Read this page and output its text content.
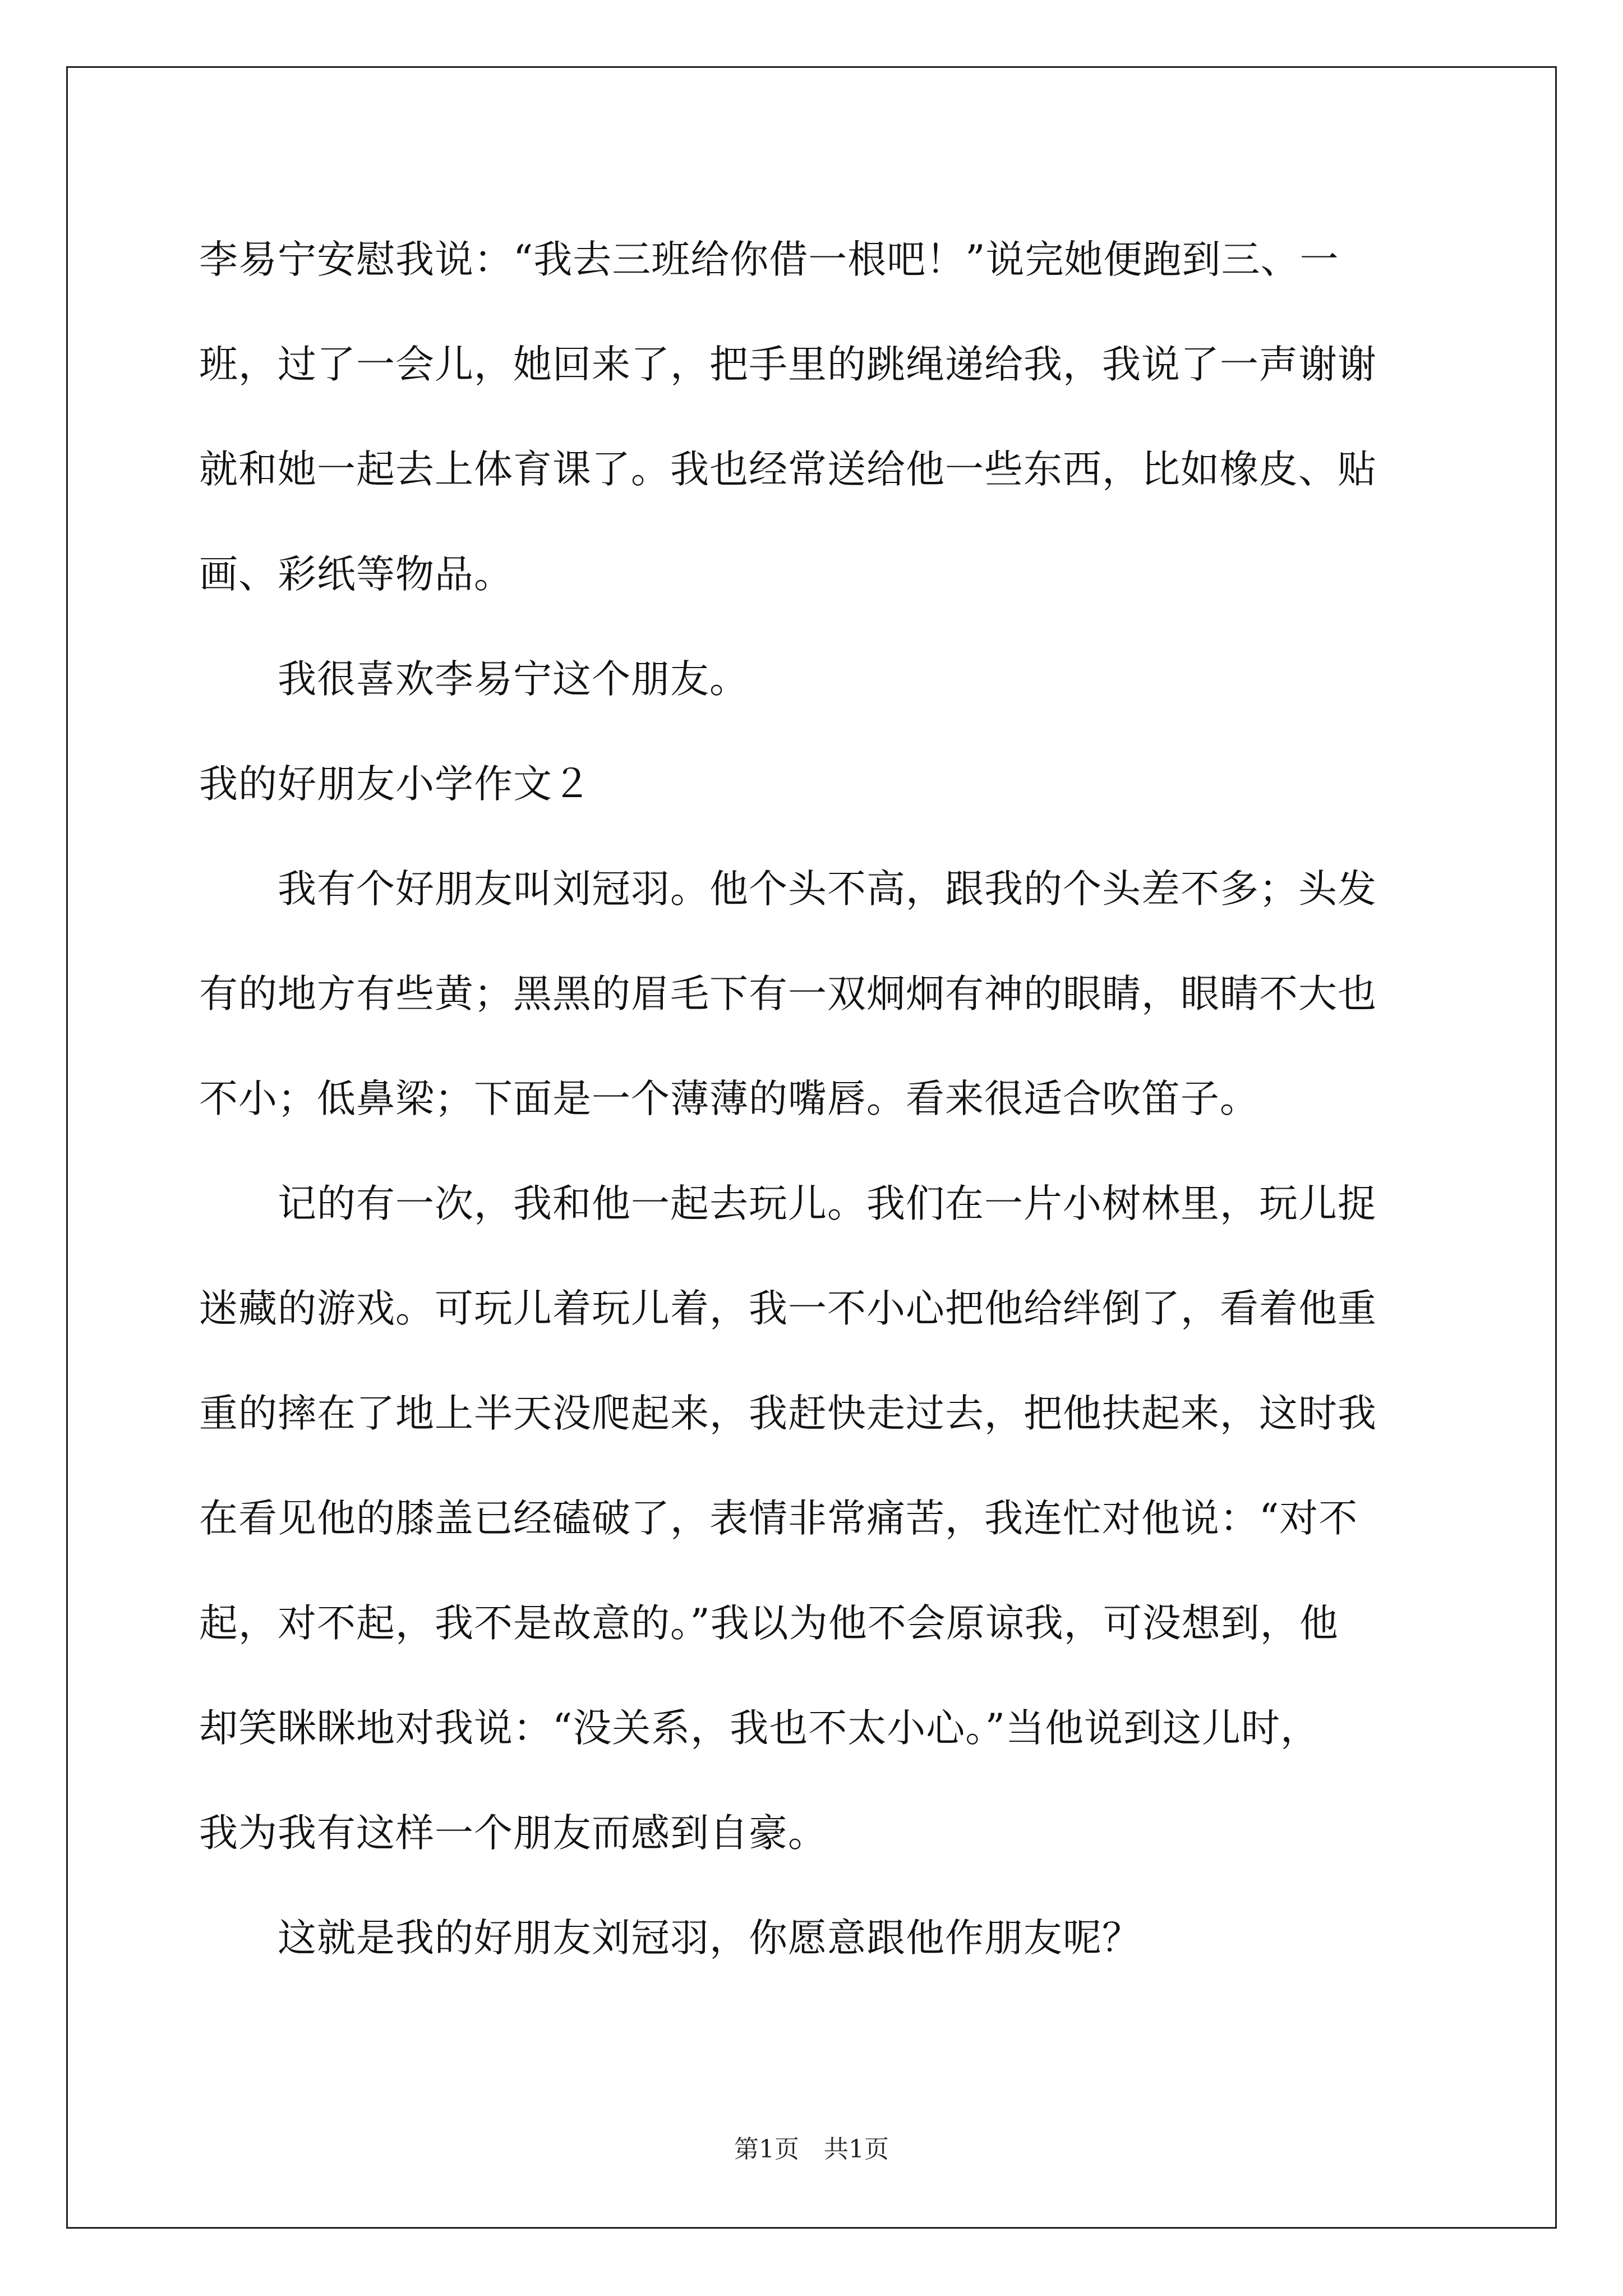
李易宁安慰我说：“我去三班给你借一根吧！”说完她便跑到三、一
班，过了一会儿，她回来了，把手里的跳绳递给我，我说了一声谢谢
就和她一起去上体育课了。我也经常送给他一些东西，比如橡皮、贴
画、彩纸等物品。
　　我很喜欢李易宁这个朋友。
我的好朋友小学作文２
　　我有个好朋友叫刘冠羽。他个头不高，跟我的个头差不多；头发
有的地方有些黄；黑黑的眉毛下有一双炯炯有神的眼睛，眼睛不大也
不小；低鼻梁；下面是一个薄薄的嘴唇。看来很适合吹笛子。
　　记的有一次，我和他一起去玩儿。我们在一片小树林里，玩儿捉
迷藏的游戏。可玩儿着玩儿着，我一不小心把他给绊倒了，看着他重
重的摔在了地上半天没爬起来，我赶快走过去，把他扶起来，这时我
在看见他的膝盖已经磕破了，表情非常痛苦，我连忙对他说：“对不
起，对不起，我不是故意的。”我以为他不会原谅我，可没想到，他
却笑眯眯地对我说：“没关系，我也不太小心。”当他说到这儿时，
我为我有这样一个朋友而感到自豪。
　　这就是我的好朋友刘冠羽，你愿意跟他作朋友呢？
第1页　共1页
